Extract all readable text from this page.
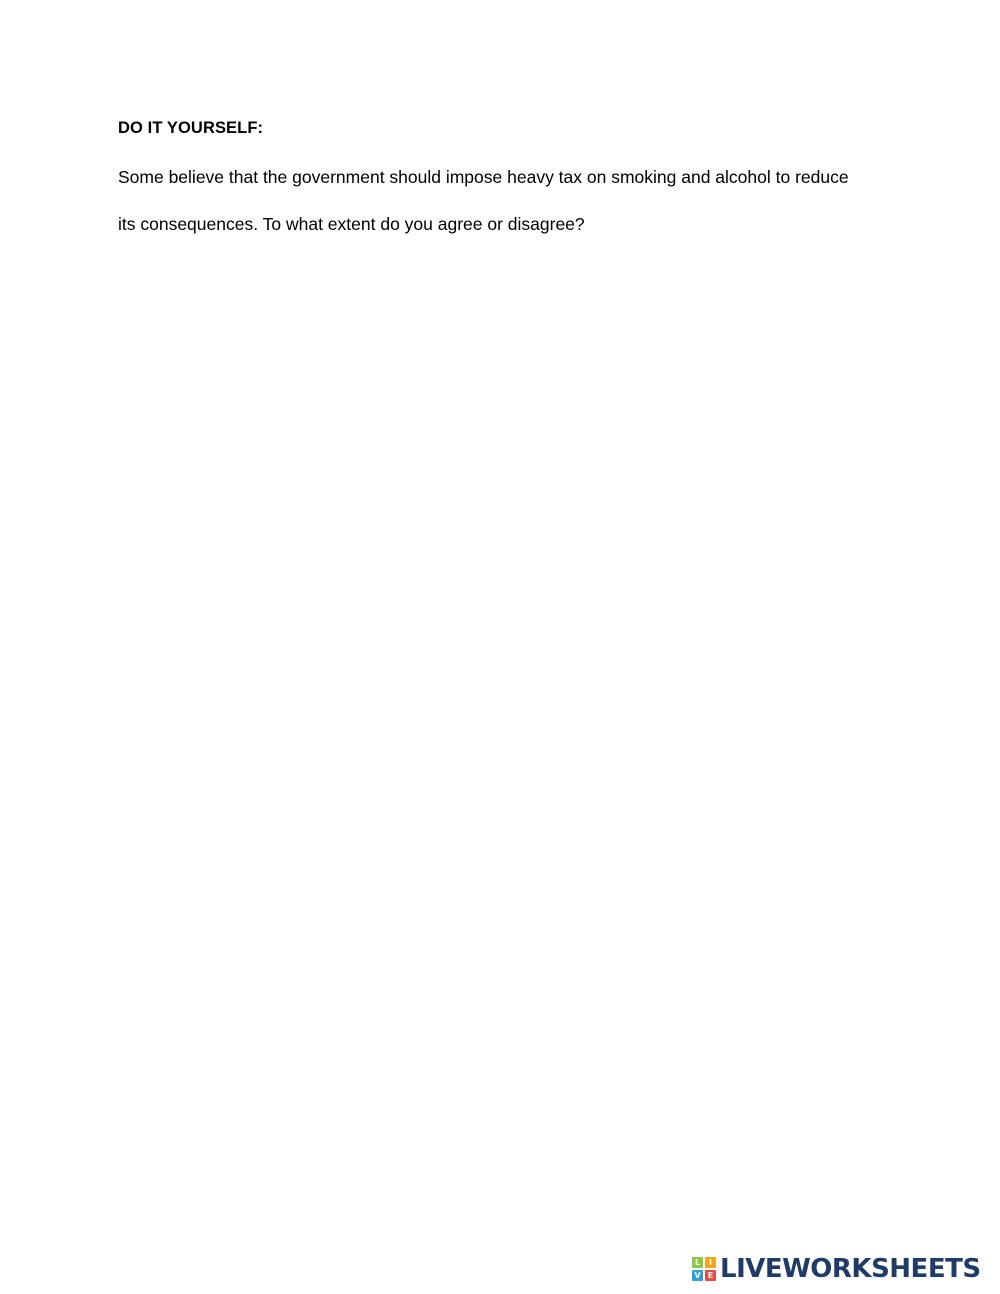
DO IT YOURSELF:
Some believe that the government should impose heavy tax on smoking and alcohol to reduce
its consequences. To what extent do you agree or disagree?
L	I
V E LIVEWORKSHEETS
